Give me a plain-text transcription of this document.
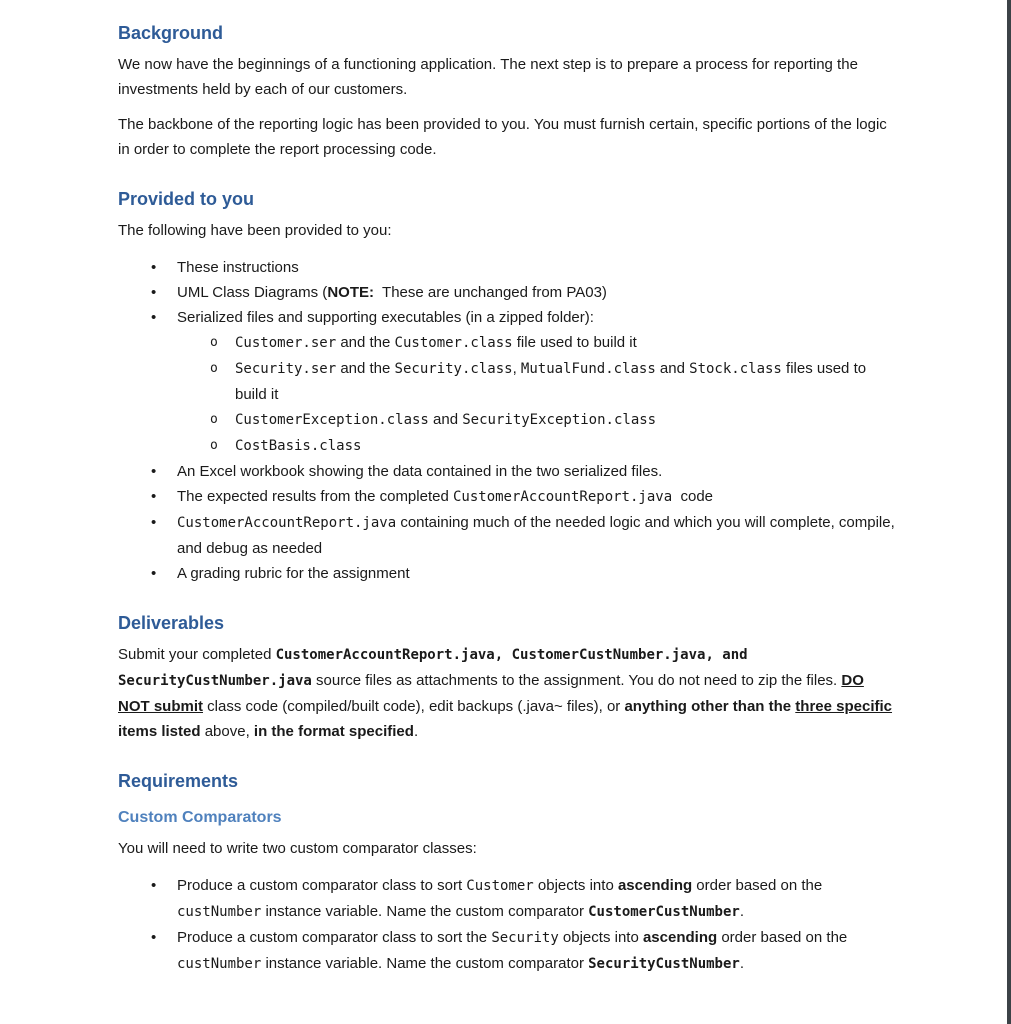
Background

We now have the beginnings of a functioning application. The next step is to prepare a process for reporting the investments held by each of our customers.

The backbone of the reporting logic has been provided to you. You must furnish certain, specific portions of the logic in order to complete the report processing code.

Provided to you

The following have been provided to you:

• These instructions
• UML Class Diagrams (NOTE:  These are unchanged from PA03)
• Serialized files and supporting executables (in a zipped folder):
o Customer.ser and the Customer.class file used to build it
o Security.ser and the Security.class, MutualFund.class and Stock.class files used to build it
o CustomerException.class and SecurityException.class
o CostBasis.class
• An Excel workbook showing the data contained in the two serialized files.
• The expected results from the completed CustomerAccountReport.java  code
• CustomerAccountReport.java containing much of the needed logic and which you will complete, compile, and debug as needed
• A grading rubric for the assignment
Deliverables

Submit your completed CustomerAccountReport.java, CustomerCustNumber.java, and SecurityCustNumber.java source files as attachments to the assignment. You do not need to zip the files. DO NOT submit class code (compiled/built code), edit backups (.java~ files), or anything other than the three specific items listed above, in the format specified.

Requirements
Custom Comparators

You will need to write two custom comparator classes:

• Produce a custom comparator class to sort Customer objects into ascending order based on the custNumber instance variable. Name the custom comparator CustomerCustNumber.
• Produce a custom comparator class to sort the Security objects into ascending order based on the custNumber instance variable. Name the custom comparator SecurityCustNumber.
